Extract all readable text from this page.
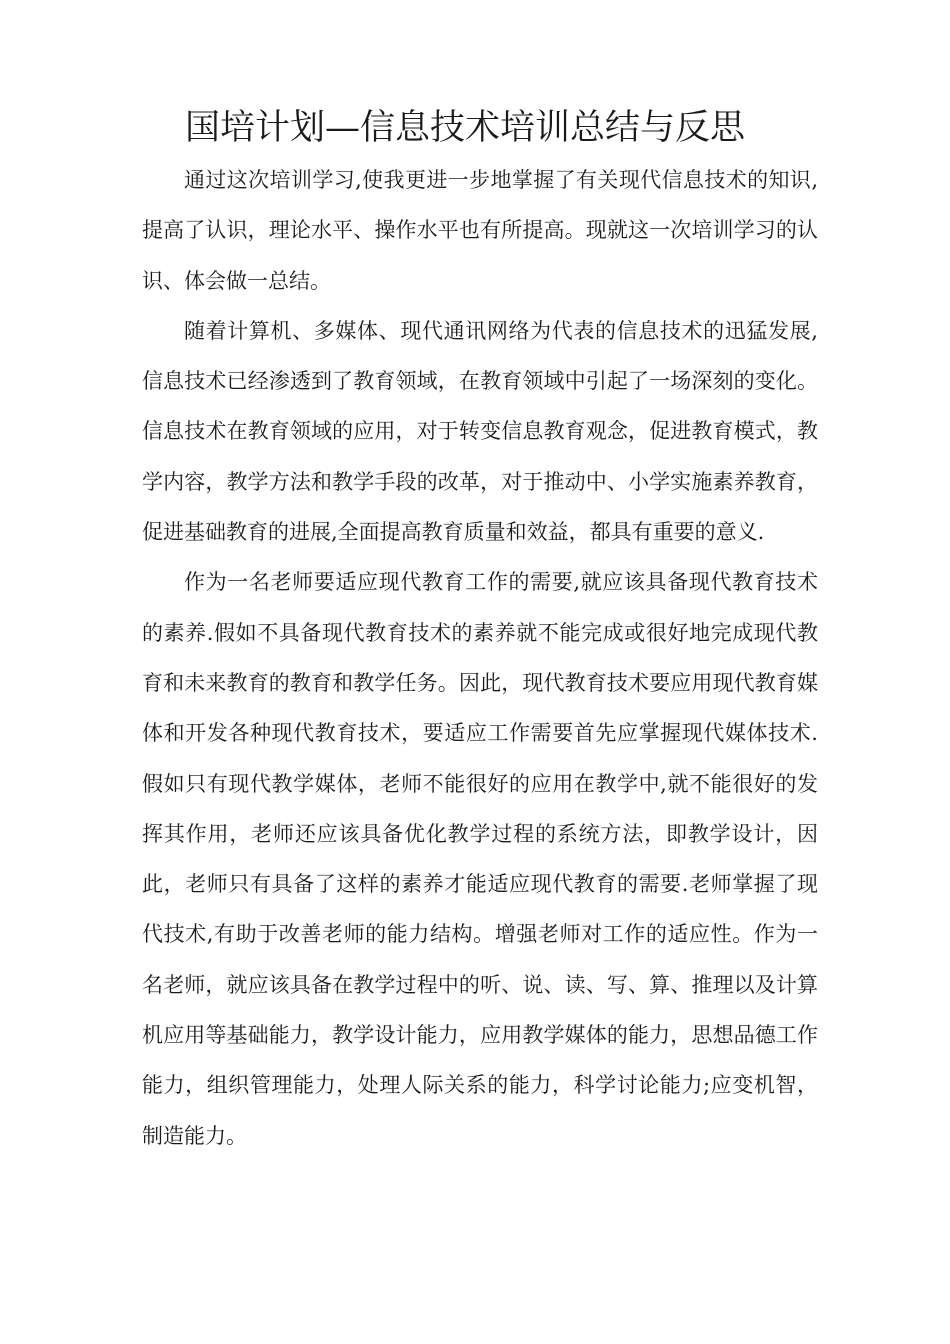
国培计划—信息技术培训总结与反思

通过这次培训学习,使我更进一步地掌握了有关现代信息技术的知识,提高了认识，理论水平、操作水平也有所提高。现就这一次培训学习的认识、体会做一总结。

随着计算机、多媒体、现代通讯网络为代表的信息技术的迅猛发展,信息技术已经渗透到了教育领域，在教育领域中引起了一场深刻的变化。信息技术在教育领域的应用，对于转变信息教育观念，促进教育模式，教学内容，教学方法和教学手段的改革，对于推动中、小学实施素养教育，促进基础教育的进展,全面提高教育质量和效益，都具有重要的意义.

作为一名老师要适应现代教育工作的需要,就应该具备现代教育技术的素养.假如不具备现代教育技术的素养就不能完成或很好地完成现代教育和未来教育的教育和教学任务。因此，现代教育技术要应用现代教育媒体和开发各种现代教育技术，要适应工作需要首先应掌握现代媒体技术.假如只有现代教学媒体，老师不能很好的应用在教学中,就不能很好的发挥其作用，老师还应该具备优化教学过程的系统方法，即教学设计，因此，老师只有具备了这样的素养才能适应现代教育的需要.老师掌握了现代技术,有助于改善老师的能力结构。增强老师对工作的适应性。作为一名老师，就应该具备在教学过程中的听、说、读、写、算、推理以及计算机应用等基础能力，教学设计能力，应用教学媒体的能力，思想品德工作能力，组织管理能力，处理人际关系的能力，科学讨论能力;应变机智，制造能力。
